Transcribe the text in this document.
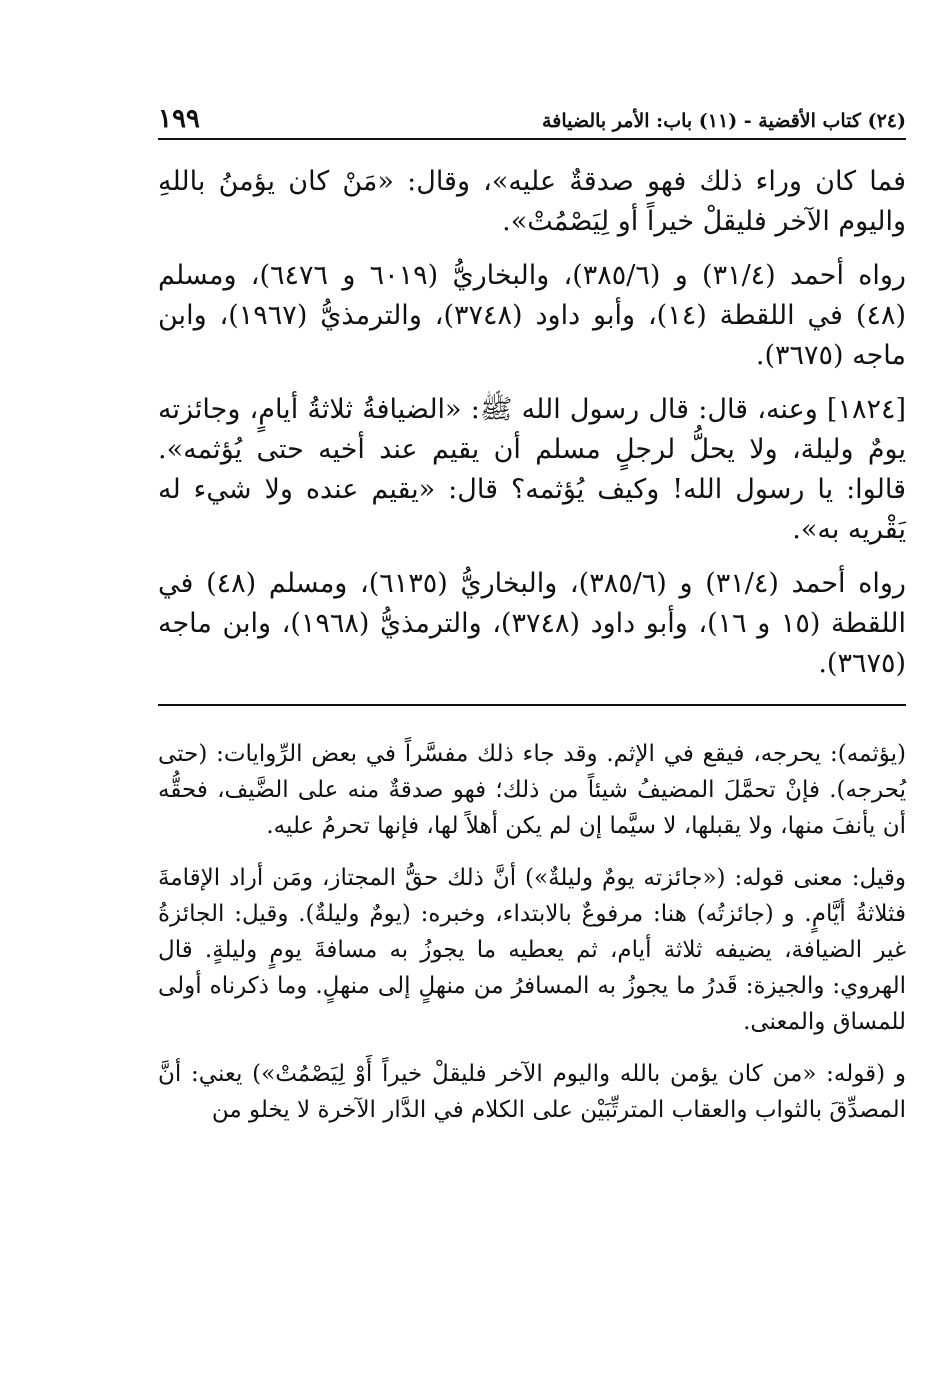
١٩٩	(٢٤) كتاب الأقضية - (١١) باب: الأمر بالضيافة

فما كان وراء ذلك فهو صدقةٌ عليه»، وقال: «مَنْ كان يؤمنُ باللهِ واليوم الآخر فليقلْ خيراً أو لِيَصْمُتْ».

رواه أحمد (٣١/٤) و (٣٨٥/٦)، والبخاريُّ (٦٠١٩ و ٦٤٧٦)، ومسلم (٤٨) في اللقطة (١٤)، وأبو داود (٣٧٤٨)، والترمذيُّ (١٩٦٧)، وابن ماجه (٣٦٧٥).

[١٨٢٤] وعنه، قال: قال رسول الله ﷺ: «الضيافةُ ثلاثةُ أيامٍ، وجائزته يومٌ وليلة، ولا يحلُّ لرجلٍ مسلم أن يقيم عند أخيه حتى يُؤثمه». قالوا: يا رسول الله! وكيف يُؤثمه؟ قال: «يقيم عنده ولا شيء له يَقْريه به».

رواه أحمد (٣١/٤) و (٣٨٥/٦)، والبخاريُّ (٦١٣٥)، ومسلم (٤٨) في اللقطة (١٥ و ١٦)، وأبو داود (٣٧٤٨)، والترمذيُّ (١٩٦٨)، وابن ماجه (٣٦٧٥).

(يؤثمه): يحرجه، فيقع في الإثم. وقد جاء ذلك مفسَّراً في بعض الرِّوايات: (حتى يُحرجه). فإنْ تحمَّلَ المضيفُ شيئاً من ذلك؛ فهو صدقةٌ منه على الضَّيف، فحقُّه أن يأنفَ منها، ولا يقبلها، لا سيَّما إن لم يكن أهلاً لها، فإنها تحرمُ عليه.

وقيل: معنى قوله: («جائزته يومٌ وليلةٌ») أنَّ ذلك حقُّ المجتاز، ومَن أراد الإقامةَ فثلاثةُ أيَّامٍ. و (جائزتُه) هنا: مرفوعٌ بالابتداء، وخبره: (يومٌ وليلةٌ). وقيل: الجائزةُ غير الضيافة، يضيفه ثلاثة أيام، ثم يعطيه ما يجوزُ به مسافةَ يومٍ وليلةٍ. قال الهروي: والجيزة: قَدرُ ما يجوزُ به المسافرُ من منهلٍ إلى منهلٍ. وما ذكرناه أولى للمساق والمعنى.

و (قوله: «من كان يؤمن بالله واليوم الآخر فليقلْ خيراً أَوْ لِيَصْمُتْ») يعني: أنَّ المصدِّقَ بالثواب والعقاب المترتِّبَيْن على الكلام في الدَّار الآخرة لا يخلو من
